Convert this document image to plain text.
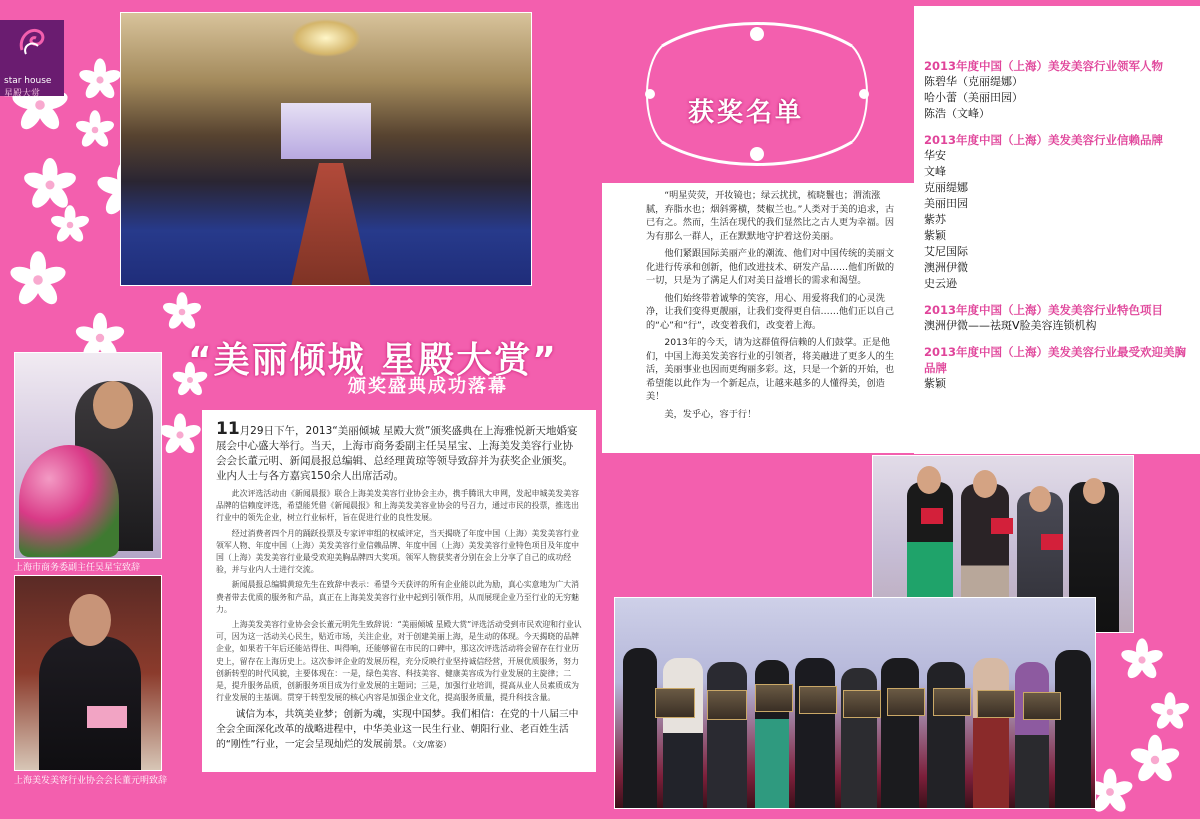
star house
星殿大赏
“美丽倾城 星殿大赏”
颁奖盛典成功落幕
上海市商务委副主任吴星宝致辞
上海美发美容行业协会会长董元明致辞

11月29日下午，2013“美丽倾城 星殿大赏”颁奖盛典在上海雅悦新天地婚宴展会中心盛大举行。当天，上海市商务委副主任吴星宝、上海美发美容行业协会会长董元明、新闻晨报总编辑、总经理黄琼等领导致辞并为获奖企业颁奖。业内人士与各方嘉宾150余人出席活动。

此次评选活动由《新闻晨报》联合上海美发美容行业协会主办，携手腾讯大申网，发起申城美发美容品牌的信赖度评选，希望能凭借《新闻晨报》和上海美发美容业协会的号召力，通过市民的投票，推选出行业中的领先企业，树立行业标杆，旨在促进行业的良性发展。

经过消费者四个月的踊跃投票及专家评审组的权威评定，当天揭晓了年度中国（上海）美发美容行业领军人物、年度中国（上海）美发美容行业信赖品牌、年度中国（上海）美发美容行业特色项目及年度中国（上海）美发美容行业最受欢迎美胸品牌四大奖项。领军人物获奖者分别在会上分享了自己的成功经验，并与业内人士进行交流。

新闻晨报总编辑黄琼先生在致辞中表示：希望今天获评的所有企业能以此为励，真心实意地为广大消费者带去优质的服务和产品，真正在上海美发美容行业中起到引领作用，从而展现企业乃至行业的无穷魅力。

上海美发美容行业协会会长董元明先生致辞说：“美丽倾城 星殿大赏”评选活动受到市民欢迎和行业认可，因为这一活动关心民生，贴近市场，关注企业，对于创建美丽上海，是生动的体现。今天揭晓的品牌企业，如果若干年后还能站得住、叫得响，还能够留在市民的口碑中，那这次评选活动将会留存在行业历史上，留存在上海历史上。这次参评企业的发展历程，充分反映行业坚持诚信经营，开展优质服务，努力创新转型的时代风貌，主要体现在：一是，绿色美容、科技美容、健康美容成为行业发展的主旋律；二是，提升服务品质，创新服务项目成为行业发展的主题词；三是，加强行业培训，提高从业人员素质成为行业发展的主基调。贯穿于转型发展的核心内容是加强企业文化，提高服务质量，提升科技含量。

诚信为本，共筑美业梦；创新为魂，实现中国梦。我们相信：在党的十八届三中全会全面深化改革的战略进程中，中华美业这一民生行业、朝阳行业、老百姓生活的“刚性”行业，一定会呈现灿烂的发展前景。（文/席姿）

获奖名单

“明星荧荧，开妆镜也；绿云扰扰，梳晓鬟也；渭流涨腻，弃脂水也；烟斜雾横，焚椒兰也。”人类对于美的追求，古已有之。然而，生活在现代的我们显然比之古人更为幸福。因为有那么一群人，正在默默地守护着这份美丽。

他们紧跟国际美丽产业的潮流、他们对中国传统的美丽文化进行传承和创新，他们改进技术、研发产品……他们所做的一切，只是为了满足人们对美日益增长的需求和渴望。

他们始终带着诚挚的笑容，用心、用爱将我们的心灵洗净，让我们变得更靓丽，让我们变得更自信……他们正以自己的“心”和“行”，改变着我们，改变着上海。

2013年的今天，请为这群值得信赖的人们鼓掌。正是他们，中国上海美发美容行业的引领者，将美融进了更多人的生活，美丽事业也因而更绚丽多彩。这，只是一个新的开始，也希望能以此作为一个新起点，让越来越多的人懂得美，创造美！

美，发乎心，容于行！

2013年度中国（上海）美发美容行业领军人物
陈碧华（克丽缇娜）
哈小蕾（美丽田园）
陈浩（文峰）
2013年度中国（上海）美发美容行业信赖品牌
华安
文峰
克丽缇娜
美丽田园
紫苏
紫颖
艾尼国际
澳洲伊微
史云逊
2013年度中国（上海）美发美容行业特色项目
澳洲伊微——祛斑V脸美容连锁机构
2013年度中国（上海）美发美容行业最受欢迎美胸品牌
紫颖
